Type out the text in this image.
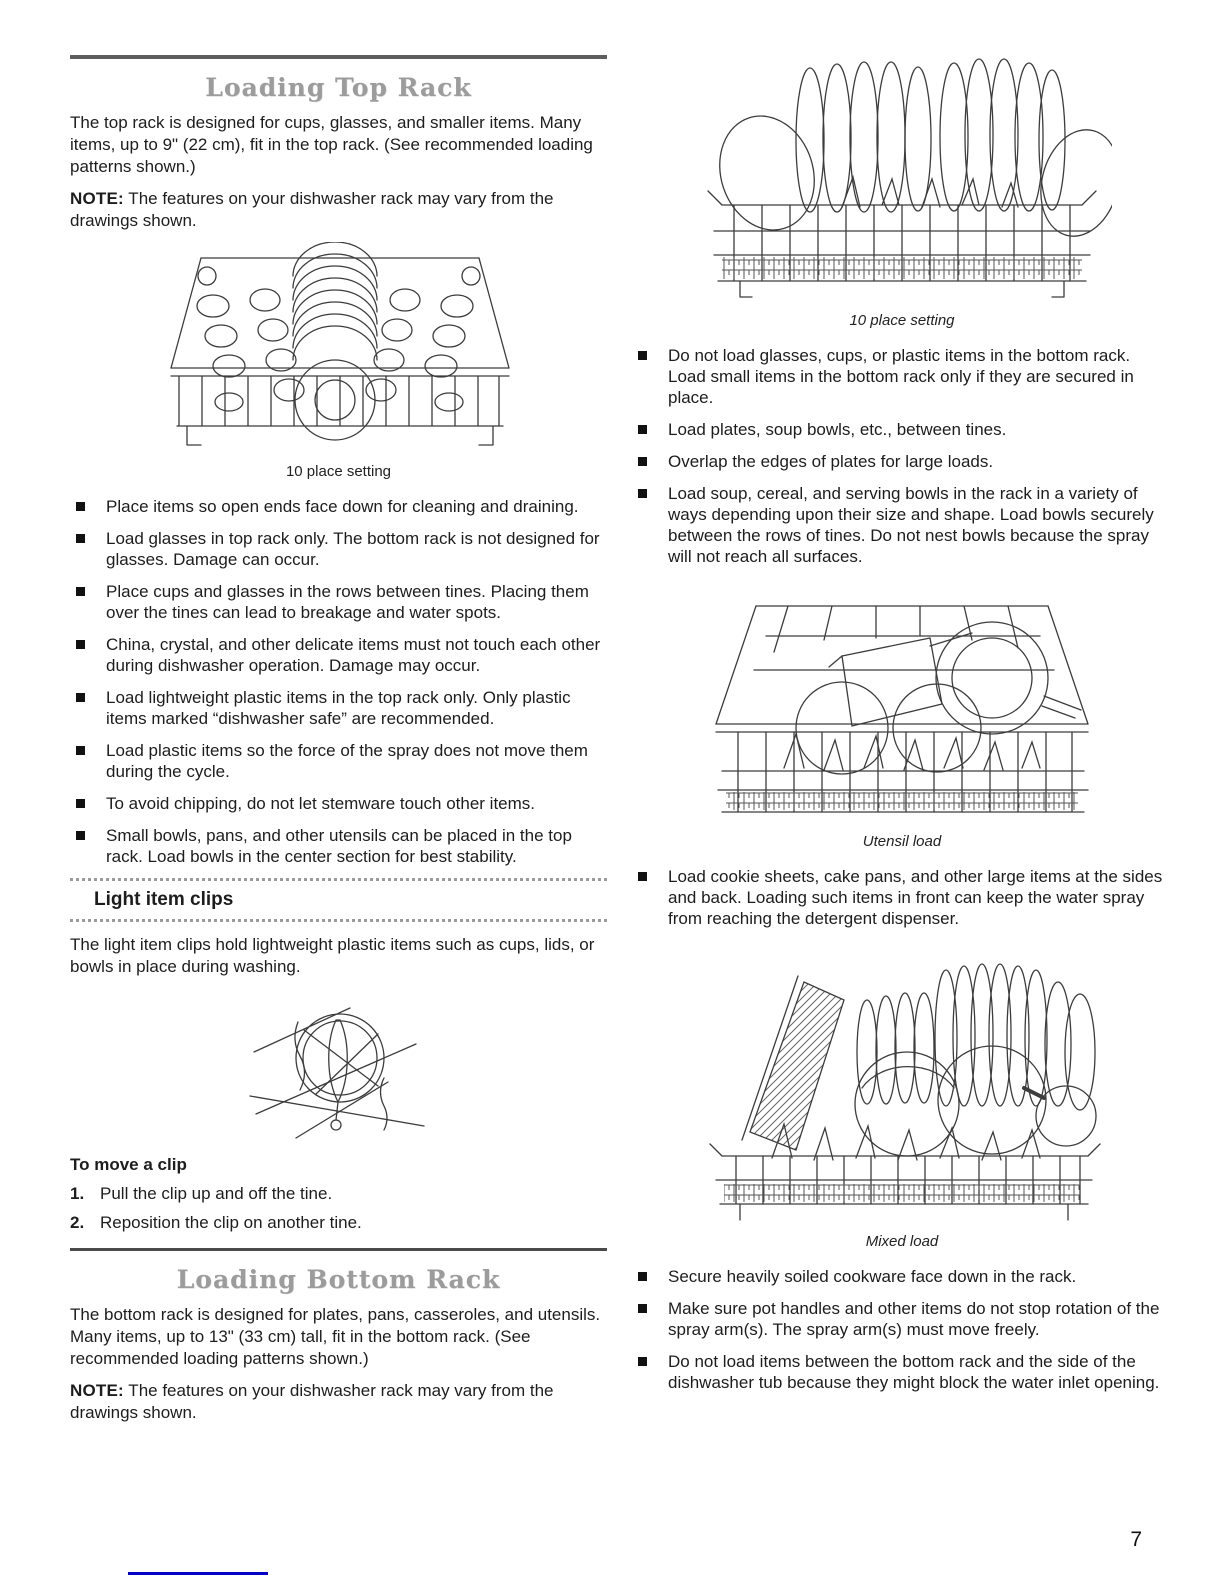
Loading Top Rack

The top rack is designed for cups, glasses, and smaller items. Many items, up to 9" (22 cm), fit in the top rack. (See recommended loading patterns shown.)

NOTE: The features on your dishwasher rack may vary from the drawings shown.

10 place setting
Place items so open ends face down for cleaning and draining.
Load glasses in top rack only. The bottom rack is not designed for glasses. Damage can occur.
Place cups and glasses in the rows between tines. Placing them over the tines can lead to breakage and water spots.
China, crystal, and other delicate items must not touch each other during dishwasher operation. Damage may occur.
Load lightweight plastic items in the top rack only. Only plastic items marked “dishwasher safe” are recommended.
Load plastic items so the force of the spray does not move them during the cycle.
To avoid chipping, do not let stemware touch other items.
Small bowls, pans, and other utensils can be placed in the top rack. Load bowls in the center section for best stability.
Light item clips

The light item clips hold lightweight plastic items such as cups, lids, or bowls in place during washing.

To move a clip
1. Pull the clip up and off the tine.
2. Reposition the clip on another tine.
Loading Bottom Rack

The bottom rack is designed for plates, pans, casseroles, and utensils. Many items, up to 13" (33 cm) tall, fit in the bottom rack. (See recommended loading patterns shown.)

NOTE: The features on your dishwasher rack may vary from the drawings shown.

10 place setting
Do not load glasses, cups, or plastic items in the bottom rack. Load small items in the bottom rack only if they are secured in place.
Load plates, soup bowls, etc., between tines.
Overlap the edges of plates for large loads.
Load soup, cereal, and serving bowls in the rack in a variety of ways depending upon their size and shape. Load bowls securely between the rows of tines. Do not nest bowls because the spray will not reach all surfaces.
Utensil load
Load cookie sheets, cake pans, and other large items at the sides and back. Loading such items in front can keep the water spray from reaching the detergent dispenser.
Mixed load
Secure heavily soiled cookware face down in the rack.
Make sure pot handles and other items do not stop rotation of the spray arm(s). The spray arm(s) must move freely.
Do not load items between the bottom rack and the side of the dishwasher tub because they might block the water inlet opening.
7
